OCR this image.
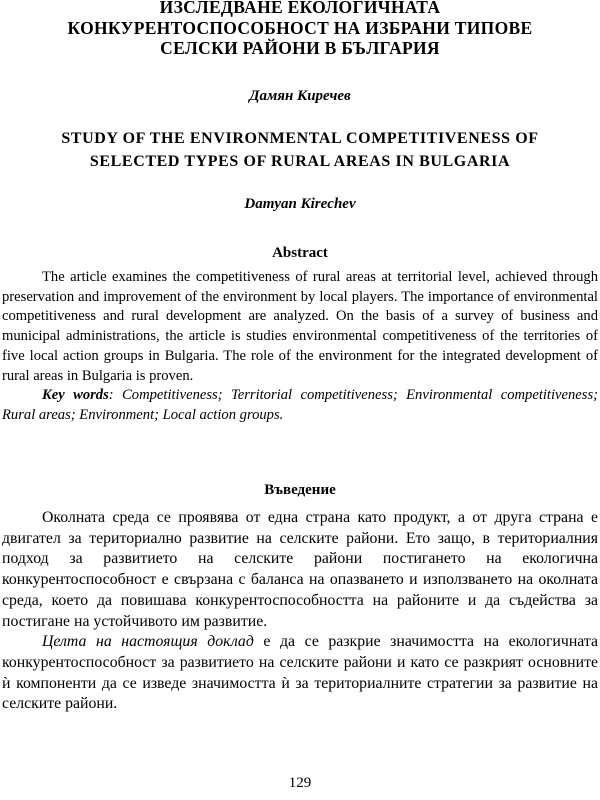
ИЗСЛЕДВАНЕ ЕКОЛОГИЧНАТА
КОНКУРЕНТОСПОСОБНОСТ НА ИЗБРАНИ ТИПОВЕ
СЕЛСКИ РАЙОНИ В БЪЛГАРИЯ
Дамян Киречев
STUDY OF THE ENVIRONMENTAL COMPETITIVENESS OF
SELECTED TYPES OF RURAL AREAS IN BULGARIA
Damyan Kirechev
Abstract

The article examines the competitiveness of rural areas at territorial level, achieved through preservation and improvement of the environment by local players. The importance of environmental competitiveness and rural development are analyzed. On the basis of a survey of business and municipal administrations, the article is studies environmental competitiveness of the territories of five local action groups in Bulgaria. The role of the environment for the integrated development of rural areas in Bulgaria is proven.

Key words: Competitiveness; Territorial competitiveness; Environmental competitiveness; Rural areas; Environment; Local action groups.

Въведение

Околната среда се проявява от една страна като продукт, а от друга страна е двигател за териториално развитие на селските райони. Ето защо, в териториалния подход за развитието на селските райони постигането на екологична конкурентоспособност е свързана с баланса на опазването и използването на околната среда, което да повишава конкурентоспособността на районите и да съдейства за постигане на устойчивото им развитие.

Целта на настоящия доклад е да се разкрие значимостта на екологичната конкурентоспособност за развитието на селските райони и като се разкрият основните ѝ компоненти да се изведе значимостта ѝ за териториалните стратегии за развитие на селските райони.

129
